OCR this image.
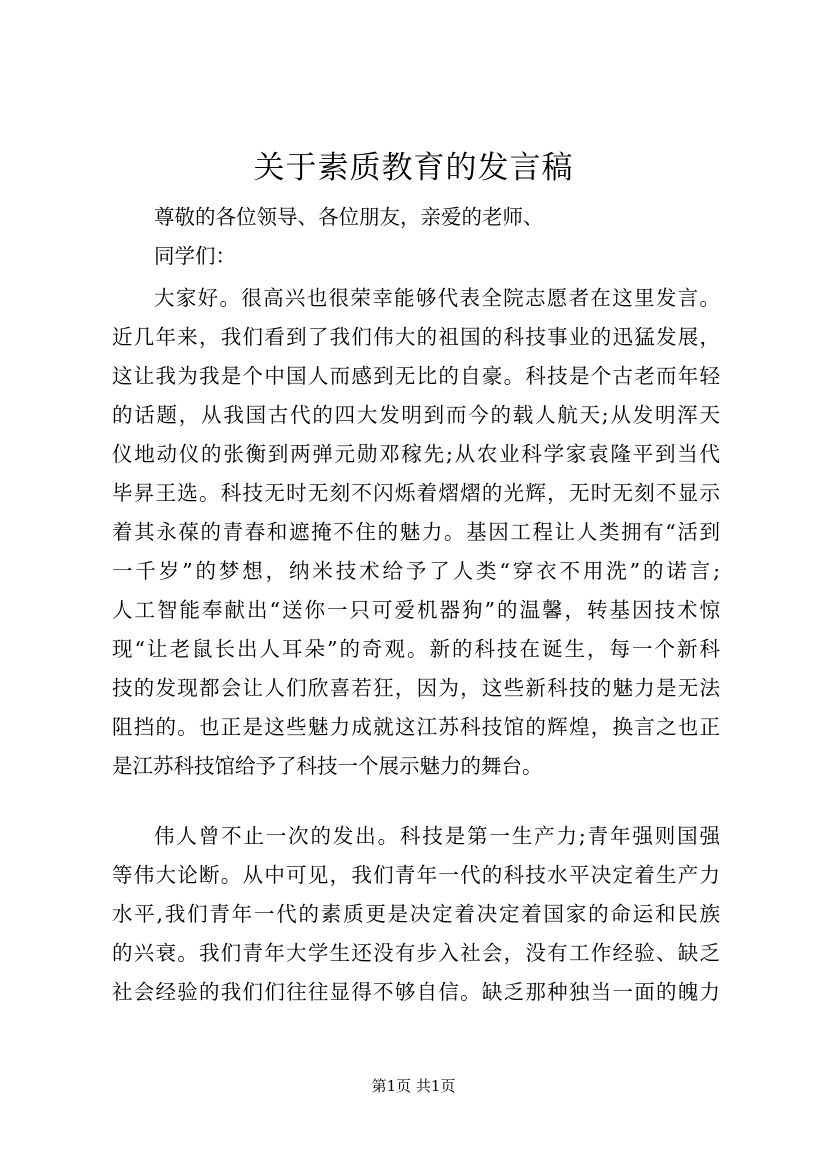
关于素质教育的发言稿
尊敬的各位领导、各位朋友，亲爱的老师、
同学们：
大家好。很高兴也很荣幸能够代表全院志愿者在这里发言。
近几年来，我们看到了我们伟大的祖国的科技事业的迅猛发展，
这让我为我是个中国人而感到无比的自豪。科技是个古老而年轻
的话题，从我国古代的四大发明到而今的载人航天;从发明浑天
仪地动仪的张衡到两弹元勋邓稼先;从农业科学家袁隆平到当代
毕昇王选。科技无时无刻不闪烁着熠熠的光辉，无时无刻不显示
着其永葆的青春和遮掩不住的魅力。基因工程让人类拥有“活到
一千岁”的梦想，纳米技术给予了人类“穿衣不用洗”的诺言;
人工智能奉献出“送你一只可爱机器狗”的温馨，转基因技术惊
现“让老鼠长出人耳朵”的奇观。新的科技在诞生，每一个新科
技的发现都会让人们欣喜若狂，因为，这些新科技的魅力是无法
阻挡的。也正是这些魅力成就这江苏科技馆的辉煌，换言之也正
是江苏科技馆给予了科技一个展示魅力的舞台。
伟人曾不止一次的发出。科技是第一生产力;青年强则国强
等伟大论断。从中可见，我们青年一代的科技水平决定着生产力
水平,我们青年一代的素质更是决定着决定着国家的命运和民族
的兴衰。我们青年大学生还没有步入社会，没有工作经验、缺乏
社会经验的我们们往往显得不够自信。缺乏那种独当一面的魄力
第1页 共1页
